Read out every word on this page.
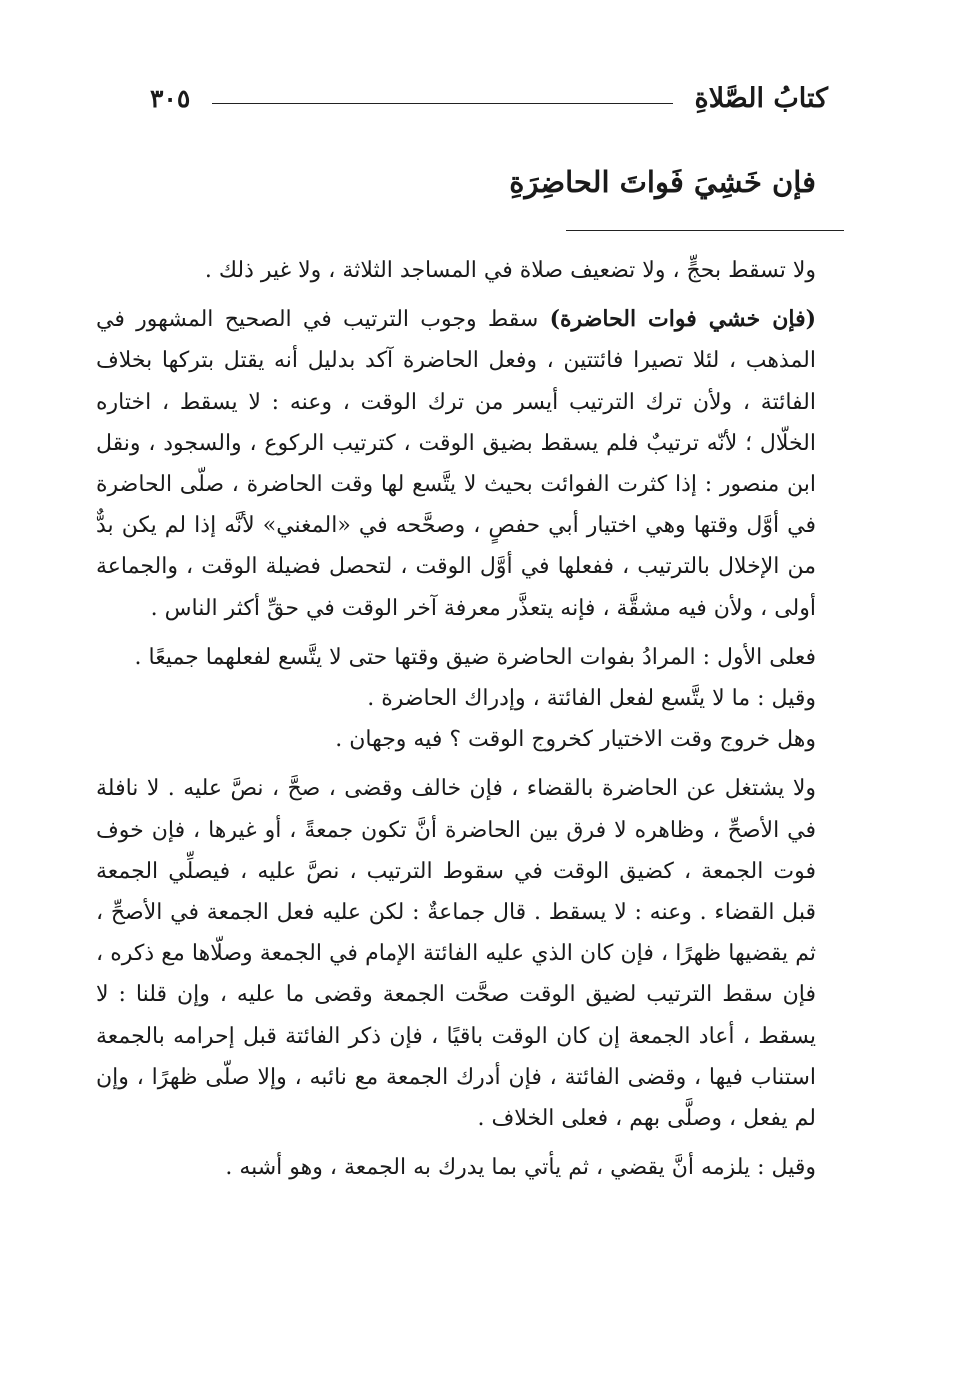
كتابُ الصَّلاةِ
٣٠٥
فإن خَشِيَ فَواتَ الحاضِرَةِ

ولا تسقط بحجٍّ ، ولا تضعيف صلاة في المساجد الثلاثة ، ولا غير ذلك .

(فإن خشي فوات الحاضرة) سقط وجوب الترتيب في الصحيح المشهور في المذهب ، لئلا تصيرا فائتتين ، وفعل الحاضرة آكد بدليل أنه يقتل بتركها بخلاف الفائتة ، ولأن ترك الترتيب أيسر من ترك الوقت ، وعنه : لا يسقط ، اختاره الخلّال ؛ لأنّه ترتيبٌ فلم يسقط بضيق الوقت ، كترتيب الركوع ، والسجود ، ونقل ابن منصور : إذا كثرت الفوائت بحيث لا يتَّسع لها وقت الحاضرة ، صلّى الحاضرة في أوَّل وقتها وهي اختيار أبي حفصٍ ، وصحَّحه في «المغني» لأنَّه إذا لم يكن بدٌّ من الإخلال بالترتيب ، ففعلها في أوَّل الوقت ، لتحصل فضيلة الوقت ، والجماعة أولى ، ولأن فيه مشقَّة ، فإنه يتعذَّر معرفة آخر الوقت في حقِّ أكثر الناس .

فعلى الأول : المرادُ بفوات الحاضرة ضيق وقتها حتى لا يتَّسع لفعلهما جميعًا .

وقيل : ما لا يتَّسع لفعل الفائتة ، وإدراك الحاضرة .

وهل خروج وقت الاختيار كخروج الوقت ؟ فيه وجهان .

ولا يشتغل عن الحاضرة بالقضاء ، فإن خالف وقضى ، صحَّ ، نصَّ عليه . لا نافلة في الأصحِّ ، وظاهره لا فرق بين الحاضرة أنَّ تكون جمعةً ، أو غيرها ، فإن خوف فوت الجمعة ، كضيق الوقت في سقوط الترتيب ، نصَّ عليه ، فيصلِّي الجمعة قبل القضاء . وعنه : لا يسقط . قال جماعةٌ : لكن عليه فعل الجمعة في الأصحِّ ، ثم يقضيها ظهرًا ، فإن كان الذي عليه الفائتة الإمام في الجمعة وصلّاها مع ذكره ، فإن سقط الترتيب لضيق الوقت صحَّت الجمعة وقضى ما عليه ، وإن قلنا : لا يسقط ، أعاد الجمعة إن كان الوقت باقيًا ، فإن ذكر الفائتة قبل إحرامه بالجمعة استناب فيها ، وقضى الفائتة ، فإن أدرك الجمعة مع نائبه ، وإلا صلّى ظهرًا ، وإن لم يفعل ، وصلَّى بهم ، فعلى الخلاف .

وقيل : يلزمه أنَّ يقضي ، ثم يأتي بما يدرك به الجمعة ، وهو أشبه .
